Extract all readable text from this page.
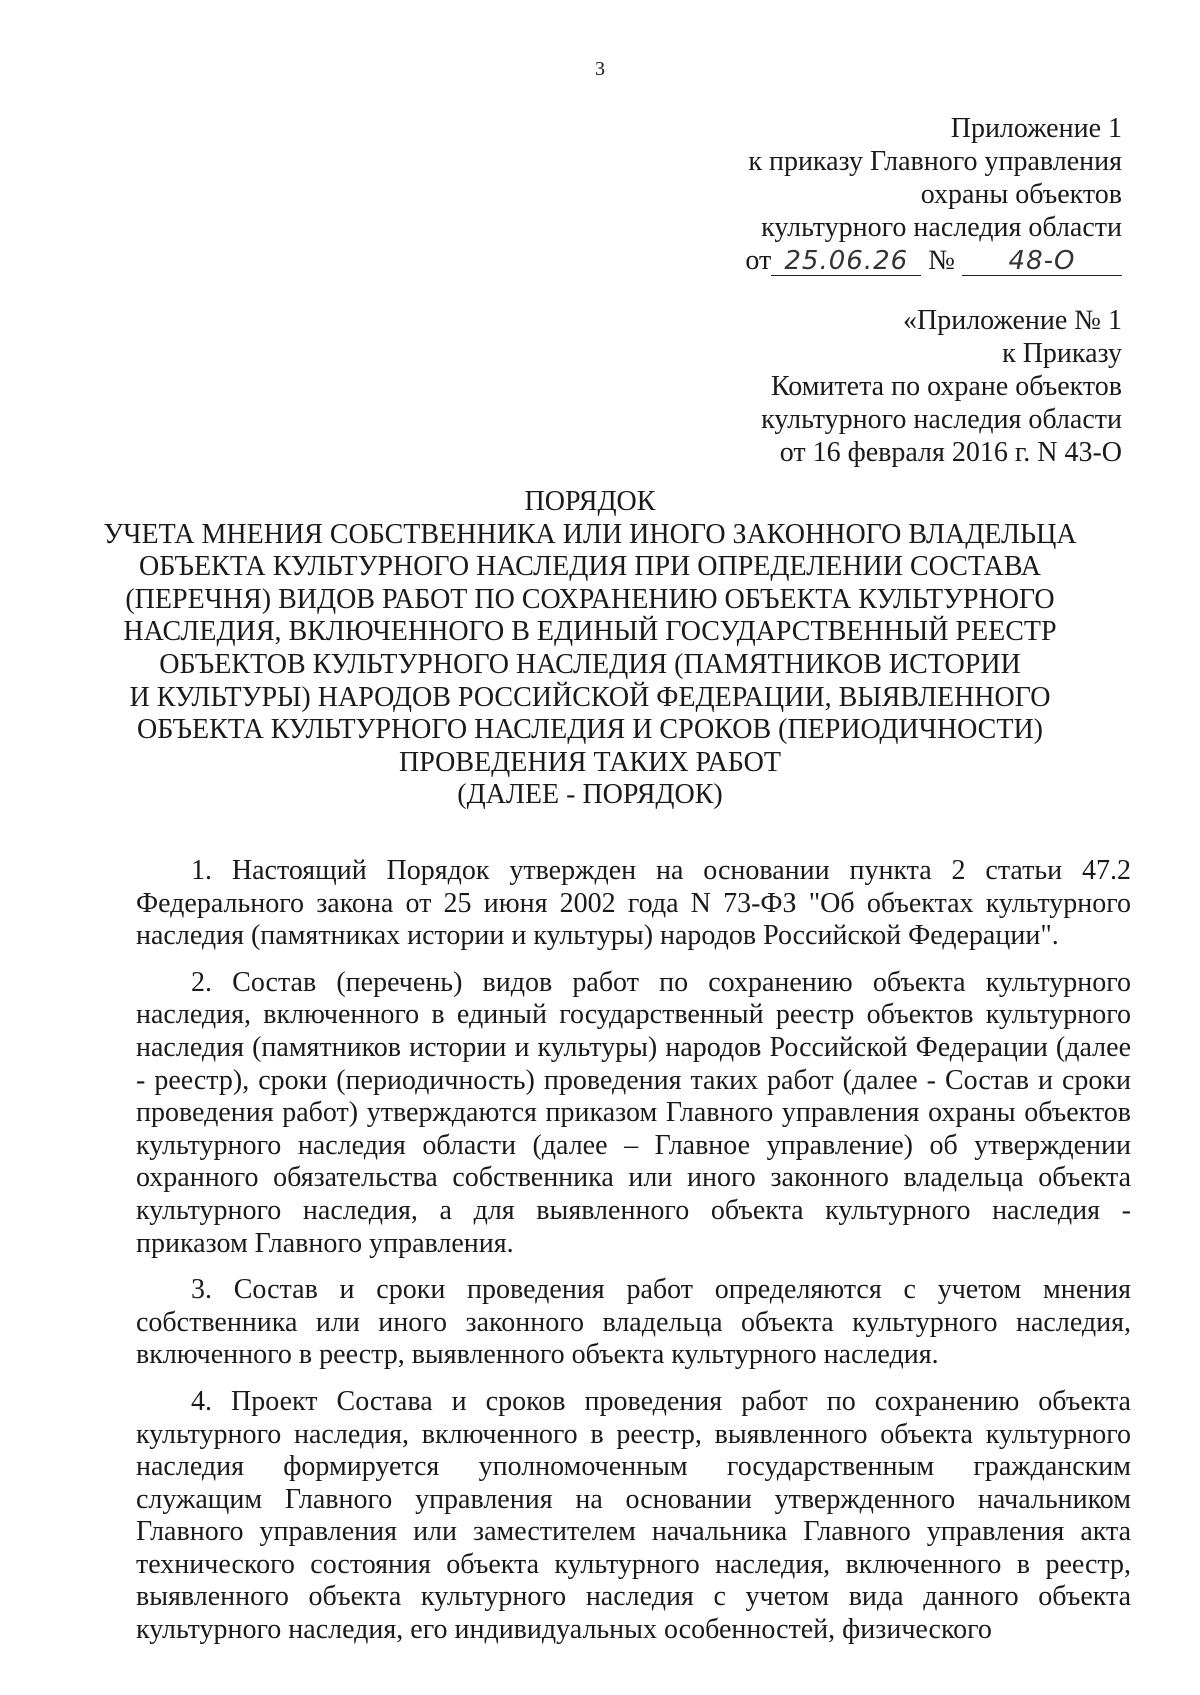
3
Приложение 1
к приказу Главного управления
охраны объектов
культурного наследия области
от 25.06.26 № 48-О
«Приложение № 1
к Приказу
Комитета по охране объектов
культурного наследия области
от 16 февраля 2016 г. N 43-О
ПОРЯДОК
УЧЕТА МНЕНИЯ СОБСТВЕННИКА ИЛИ ИНОГО ЗАКОННОГО ВЛАДЕЛЬЦА
ОБЪЕКТА КУЛЬТУРНОГО НАСЛЕДИЯ ПРИ ОПРЕДЕЛЕНИИ СОСТАВА
(ПЕРЕЧНЯ) ВИДОВ РАБОТ ПО СОХРАНЕНИЮ ОБЪЕКТА КУЛЬТУРНОГО
НАСЛЕДИЯ, ВКЛЮЧЕННОГО В ЕДИНЫЙ ГОСУДАРСТВЕННЫЙ РЕЕСТР
ОБЪЕКТОВ КУЛЬТУРНОГО НАСЛЕДИЯ (ПАМЯТНИКОВ ИСТОРИИ
И КУЛЬТУРЫ) НАРОДОВ РОССИЙСКОЙ ФЕДЕРАЦИИ, ВЫЯВЛЕННОГО
ОБЪЕКТА КУЛЬТУРНОГО НАСЛЕДИЯ И СРОКОВ (ПЕРИОДИЧНОСТИ)
ПРОВЕДЕНИЯ ТАКИХ РАБОТ
(ДАЛЕЕ - ПОРЯДОК)

1. Настоящий Порядок утвержден на основании пункта 2 статьи 47.2 Федерального закона от 25 июня 2002 года N 73-ФЗ "Об объектах культурного наследия (памятниках истории и культуры) народов Российской Федерации".

2. Состав (перечень) видов работ по сохранению объекта культурного наследия, включенного в единый государственный реестр объектов культурного наследия (памятников истории и культуры) народов Российской Федерации (далее - реестр), сроки (периодичность) проведения таких работ (далее - Состав и сроки проведения работ) утверждаются приказом Главного управления охраны объектов культурного наследия области (далее – Главное управление) об утверждении охранного обязательства собственника или иного законного владельца объекта культурного наследия, а для выявленного объекта культурного наследия - приказом Главного управления.

3. Состав и сроки проведения работ определяются с учетом мнения собственника или иного законного владельца объекта культурного наследия, включенного в реестр, выявленного объекта культурного наследия.

4. Проект Состава и сроков проведения работ по сохранению объекта культурного наследия, включенного в реестр, выявленного объекта культурного наследия формируется уполномоченным государственным гражданским служащим Главного управления на основании утвержденного начальником Главного управления или заместителем начальника Главного управления акта технического состояния объекта культурного наследия, включенного в реестр, выявленного объекта культурного наследия с учетом вида данного объекта культурного наследия, его индивидуальных особенностей, физического
